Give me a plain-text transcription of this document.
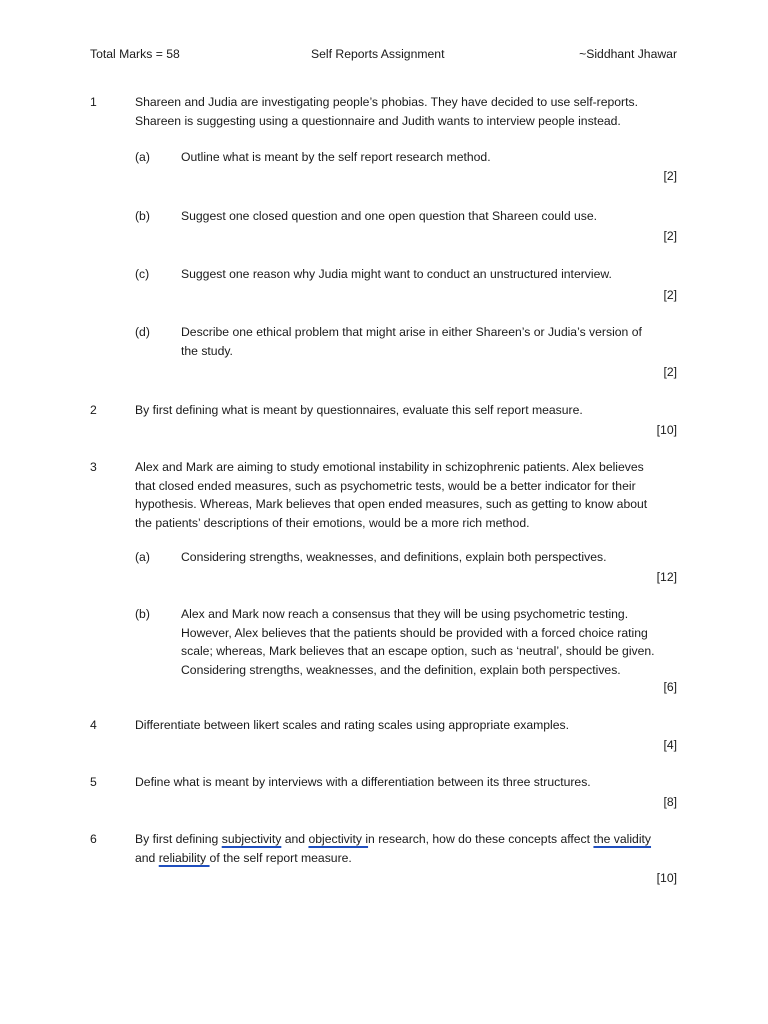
Total Marks = 58	Self Reports Assignment	~Siddhant Jhawar
1	Shareen and Judia are investigating people’s phobias. They have decided to use self-reports.
Shareen is suggesting using a questionnaire and Judith wants to interview people instead.
(a)	Outline what is meant by the self report research method.
[2]
(b)	Suggest one closed question and one open question that Shareen could use.
[2]
(c)	Suggest one reason why Judia might want to conduct an unstructured interview.
[2]
(d)	Describe one ethical problem that might arise in either Shareen’s or Judia’s version of
the study.
[2]
2	By first defining what is meant by questionnaires, evaluate this self report measure.
[10]
3	Alex and Mark are aiming to study emotional instability in schizophrenic patients. Alex believes
that closed ended measures, such as psychometric tests, would be a better indicator for their
hypothesis. Whereas, Mark believes that open ended measures, such as getting to know about
the patients’ descriptions of their emotions, would be a more rich method.
(a)	Considering strengths, weaknesses, and definitions, explain both perspectives.
[12]
(b)	Alex and Mark now reach a consensus that they will be using psychometric testing.
However, Alex believes that the patients should be provided with a forced choice rating
scale; whereas, Mark believes that an escape option, such as ‘neutral’, should be given.
Considering strengths, weaknesses, and the definition, explain both perspectives.
[6]
4	Differentiate between likert scales and rating scales using appropriate examples.
[4]
5	Define what is meant by interviews with a differentiation between its three structures.
[8]
6	By first defining subjectivity and objectivity in research, how do these concepts affect the validity
and reliability of the self report measure.
[10]
